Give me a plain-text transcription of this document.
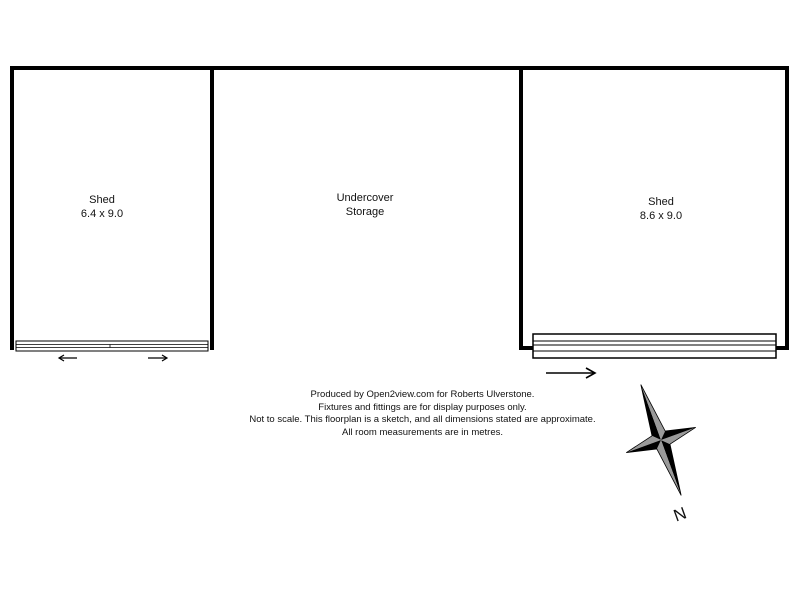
Shed
6.4 x 9.0
Undercover
Storage
Shed
8.6 x 9.0
Produced by Open2view.com for Roberts Ulverstone.
Fixtures and fittings are for display purposes only.
Not to scale. This floorplan is a sketch, and all dimensions stated are approximate.
All room measurements are in metres.
N
